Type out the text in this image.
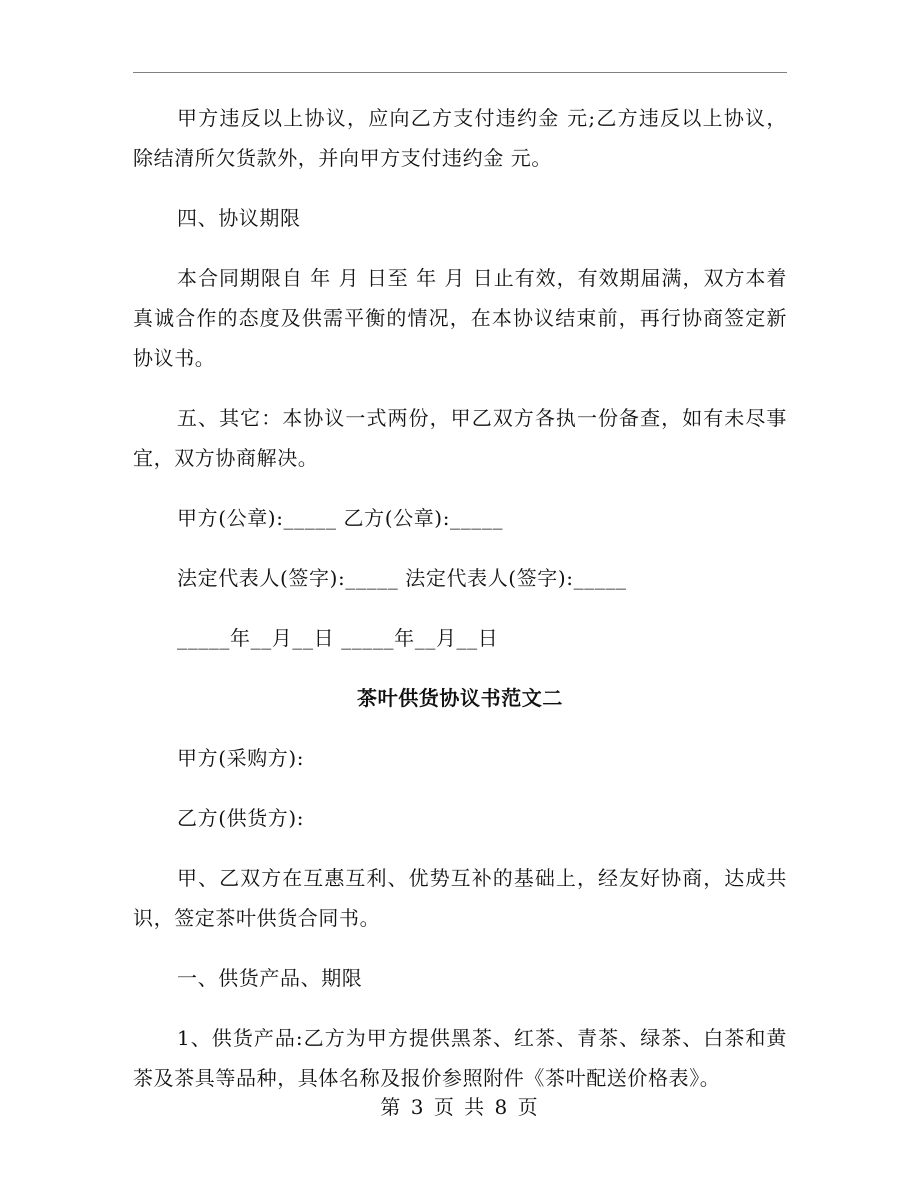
甲方违反以上协议，应向乙方支付违约金 元;乙方违反以上协议，除结清所欠货款外，并向甲方支付违约金 元。

四、协议期限

本合同期限自 年 月 日至 年 月 日止有效，有效期届满，双方本着真诚合作的态度及供需平衡的情况，在本协议结束前，再行协商签定新协议书。

五、其它：本协议一式两份，甲乙双方各执一份备查，如有未尽事宜，双方协商解决。

甲方(公章):_____ 乙方(公章):_____

法定代表人(签字):_____ 法定代表人(签字):_____

_____年__月__日 _____年__月__日

茶叶供货协议书范文二

甲方(采购方):

乙方(供货方):

甲、乙双方在互惠互利、优势互补的基础上，经友好协商，达成共识，签定茶叶供货合同书。

一、供货产品、期限

1、供货产品:乙方为甲方提供黑茶、红茶、青茶、绿茶、白茶和黄茶及茶具等品种，具体名称及报价参照附件《茶叶配送价格表》。

第 3 页 共 8 页
